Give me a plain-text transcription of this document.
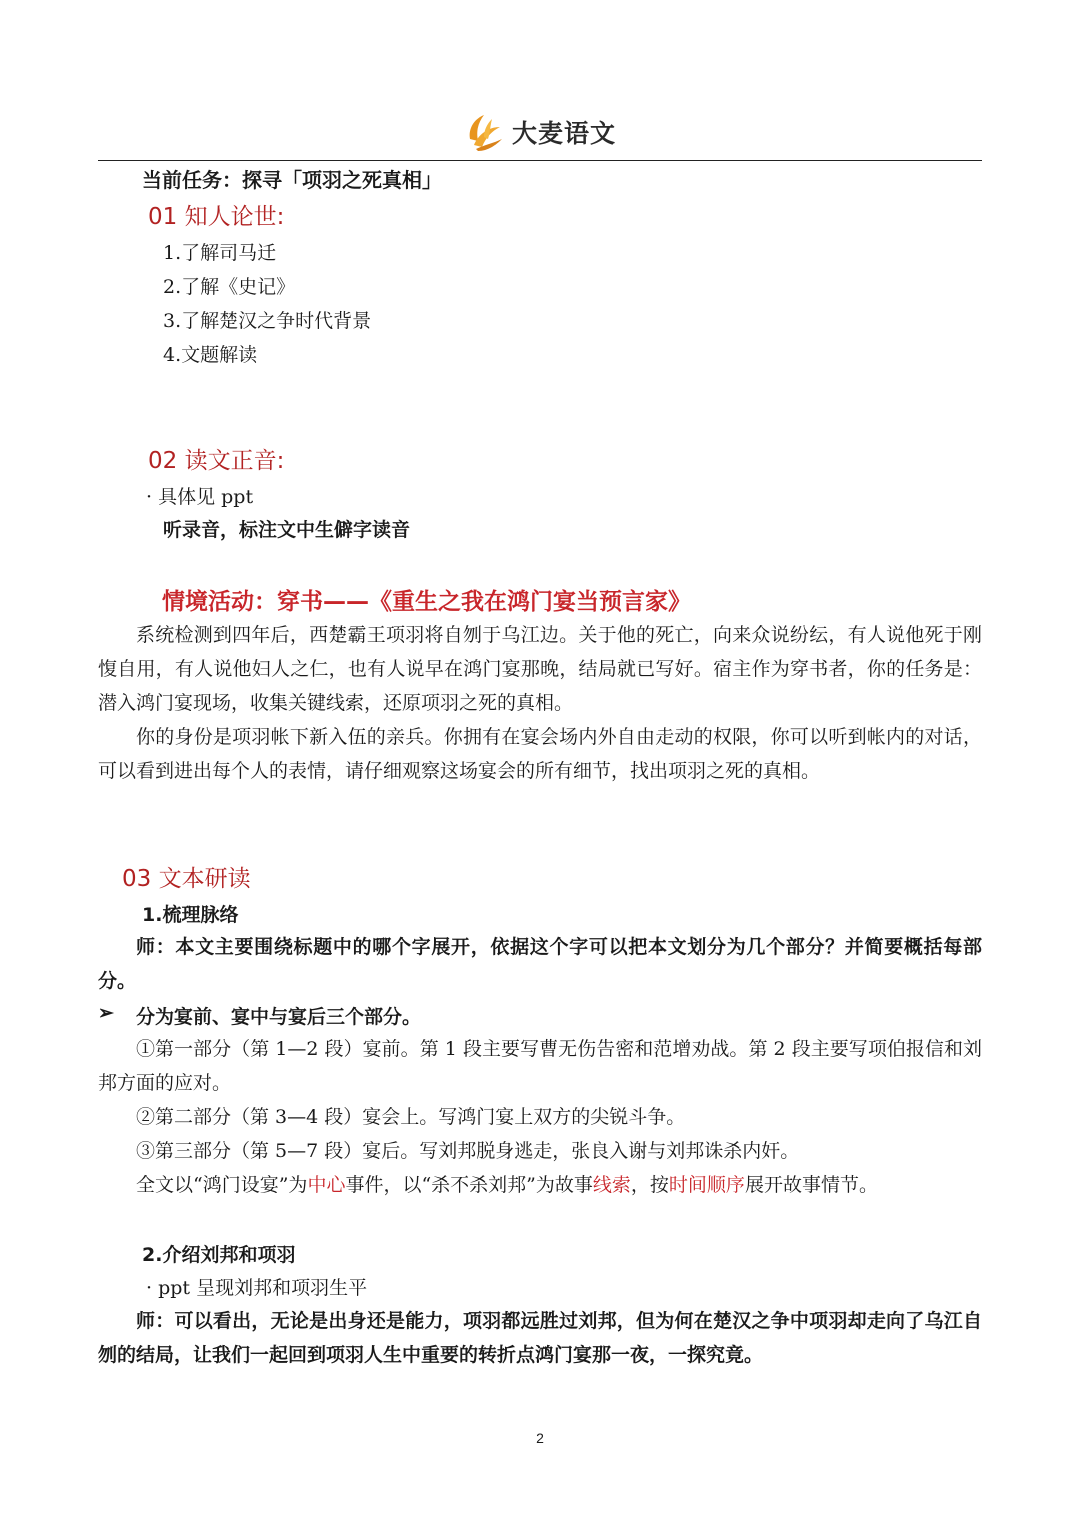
大麦语文
当前任务：探寻「项羽之死真相」
01 知人论世:
1.了解司马迁
2.了解《史记》
3.了解楚汉之争时代背景
4.文题解读
02 读文正音:
· 具体见 ppt
听录音，标注文中生僻字读音
情境活动：穿书——《重生之我在鸿门宴当预言家》

系统检测到四年后，西楚霸王项羽将自刎于乌江边。关于他的死亡，向来众说纷纭，有人说他死于刚愎自用，有人说他妇人之仁，也有人说早在鸿门宴那晚，结局就已写好。宿主作为穿书者，你的任务是：潜入鸿门宴现场，收集关键线索，还原项羽之死的真相。

你的身份是项羽帐下新入伍的亲兵。你拥有在宴会场内外自由走动的权限，你可以听到帐内的对话，可以看到进出每个人的表情，请仔细观察这场宴会的所有细节，找出项羽之死的真相。

03 文本研读
1.梳理脉络

师：本文主要围绕标题中的哪个字展开，依据这个字可以把本文划分为几个部分？并简要概括每部分。

➢ 分为宴前、宴中与宴后三个部分。

①第一部分（第 1—2 段）宴前。第 1 段主要写曹无伤告密和范增劝战。第 2 段主要写项伯报信和刘邦方面的应对。

②第二部分（第 3—4 段）宴会上。写鸿门宴上双方的尖锐斗争。

③第三部分（第 5—7 段）宴后。写刘邦脱身逃走，张良入谢与刘邦诛杀内奸。

全文以“鸿门设宴”为中心事件，以“杀不杀刘邦”为故事线索，按时间顺序展开故事情节。

2.介绍刘邦和项羽
· ppt 呈现刘邦和项羽生平

师：可以看出，无论是出身还是能力，项羽都远胜过刘邦，但为何在楚汉之争中项羽却走向了乌江自刎的结局，让我们一起回到项羽人生中重要的转折点鸿门宴那一夜，一探究竟。

2
